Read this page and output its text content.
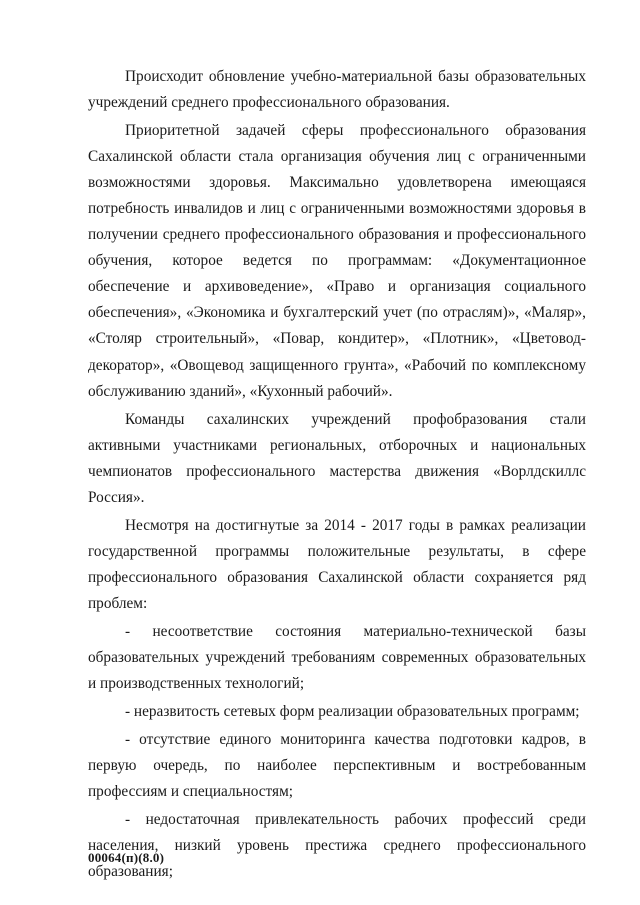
Происходит обновление учебно-материальной базы образовательных учреждений среднего профессионального образования.

Приоритетной задачей сферы профессионального образования Сахалинской области стала организация обучения лиц с ограниченными возможностями здоровья. Максимально удовлетворена имеющаяся потребность инвалидов и лиц с ограниченными возможностями здоровья в получении среднего профессионального образования и профессионального обучения, которое ведется по программам: «Документационное обеспечение и архивоведение», «Право и организация социального обеспечения», «Экономика и бухгалтерский учет (по отраслям)», «Маляр», «Столяр строительный», «Повар, кондитер», «Плотник», «Цветовод-декоратор», «Овощевод защищенного грунта», «Рабочий по комплексному обслуживанию зданий», «Кухонный рабочий».

Команды сахалинских учреждений профобразования стали активными участниками региональных, отборочных и национальных чемпионатов профессионального мастерства движения «Ворлдскиллс Россия».

Несмотря на достигнутые за 2014 - 2017 годы в рамках реализации государственной программы положительные результаты, в сфере профессионального образования Сахалинской области сохраняется ряд проблем:

- несоответствие состояния материально-технической базы образовательных учреждений требованиям современных образовательных и производственных технологий;

- неразвитость сетевых форм реализации образовательных программ;

- отсутствие единого мониторинга качества подготовки кадров, в первую очередь, по наиболее перспективным и востребованным профессиям и специальностям;

- недостаточная привлекательность рабочих профессий среди населения, низкий уровень престижа среднего профессионального образования;

00064(п)(8.0)
